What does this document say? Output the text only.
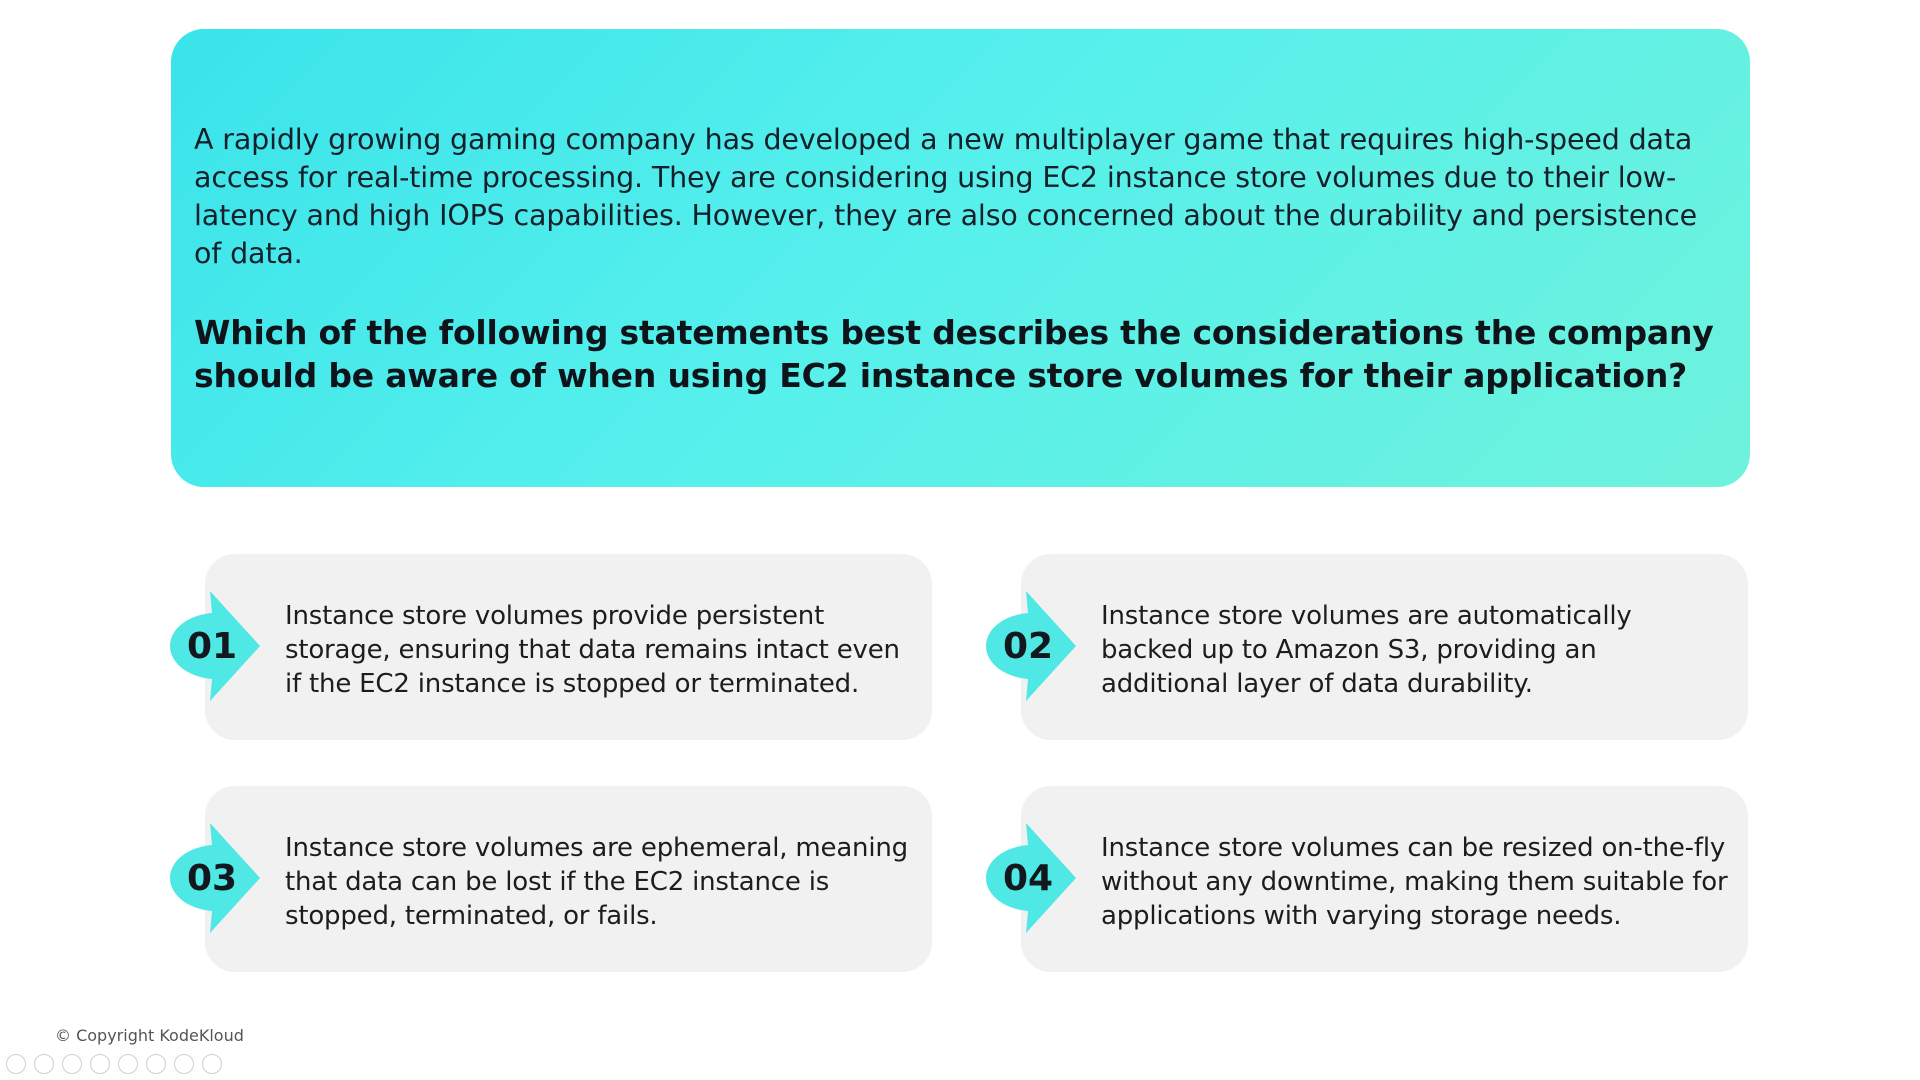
A rapidly growing gaming company has developed a new multiplayer game that requires high-speed data access for real-time processing. They are considering using EC2 instance store volumes due to their low-latency and high IOPS capabilities. However, they are also concerned about the durability and persistence of data.

Which of the following statements best describes the considerations the company should be aware of when using EC2 instance store volumes for their application?

Instance store volumes provide persistent storage, ensuring that data remains intact even if the EC2 instance is stopped or terminated.
01
Instance store volumes are automatically backed up to Amazon S3, providing an additional layer of data durability.
02
Instance store volumes are ephemeral, meaning that data can be lost if the EC2 instance is stopped, terminated, or fails.
03
Instance store volumes can be resized on-the-fly without any downtime, making them suitable for applications with varying storage needs.
04
© Copyright KodeKloud
